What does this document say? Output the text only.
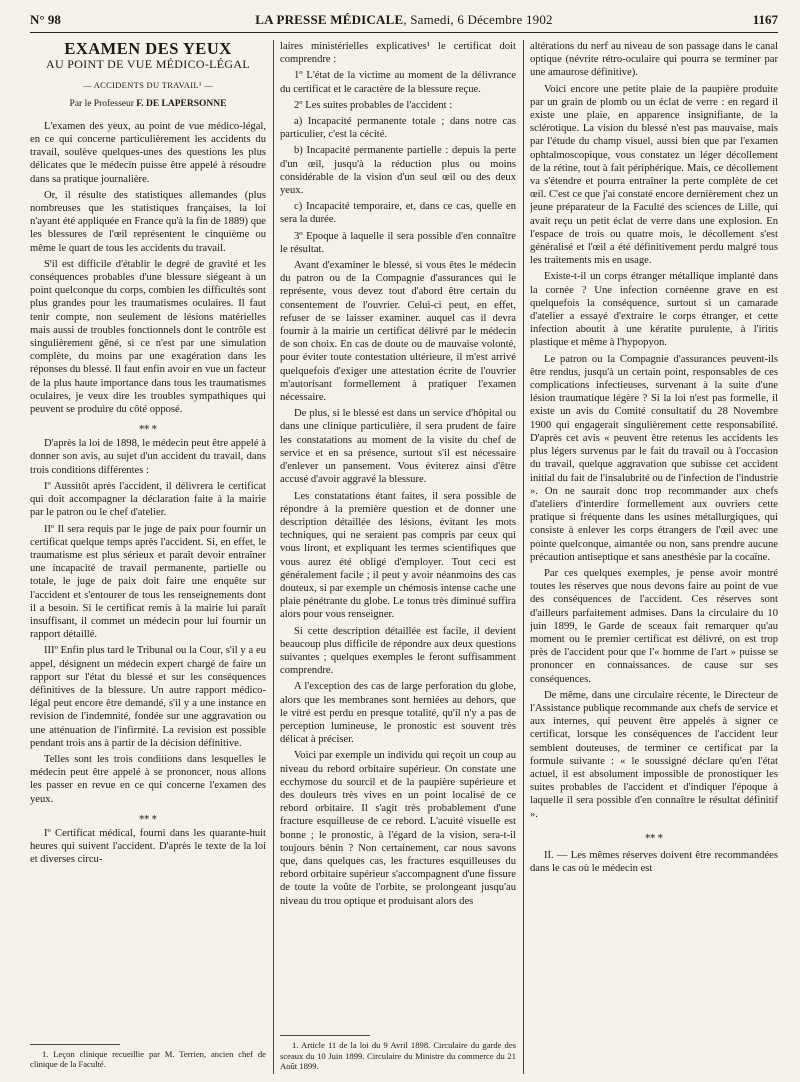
N° 98	LA PRESSE MÉDICALE, Samedi, 6 Décembre 1902	1167
EXAMEN DES YEUX
AU POINT DE VUE MÉDICO-LÉGAL
— ACCIDENTS DU TRAVAIL¹ —
Par le Professeur F. DE LAPERSONNE

L'examen des yeux, au point de vue médico-légal, en ce qui concerne particulièrement les accidents du travail, soulève quelques-unes des questions les plus délicates que le médecin puisse être appelé à résoudre dans sa pratique journalière.

Or, il résulte des statistiques allemandes (plus nombreuses que les statistiques françaises, la loi n'ayant été appliquée en France qu'à la fin de 1889) que les blessures de l'œil représentent le cinquième ou même le quart de tous les accidents du travail.

S'il est difficile d'établir le degré de gravité et les conséquences probables d'une blessure siégeant à un point quelconque du corps, combien les difficultés sont plus grandes pour les traumatismes oculaires. Il faut tenir compte, non seulement de lésions matérielles mais aussi de troubles fonctionnels dont le contrôle est singulièrement gêné, si ce n'est par une simulation complète, du moins par une exagération dans les réponses du blessé. Il faut enfin avoir en vue un facteur de la plus haute importance dans tous les traumatismes oculaires, je veux dire les troubles sympathiques qui peuvent se produire du côté opposé.

⁎⁎ ⁎

D'après la loi de 1898, le médecin peut être appelé à donner son avis, au sujet d'un accident du travail, dans trois conditions différentes :

Iº Aussitôt après l'accident, il délivrera le certificat qui doit accompagner la déclaration faite à la mairie par le patron ou le chef d'atelier.

IIº Il sera requis par le juge de paix pour fournir un certificat quelque temps après l'accident. Si, en effet, le traumatisme est plus sérieux et paraît devoir entraîner une incapacité de travail permanente, partielle ou totale, le juge de paix doit faire une enquête sur l'accident et s'entourer de tous les renseignements dont il a besoin. Si le certificat remis à la mairie lui paraît insuffisant, il commet un médecin pour lui fournir un rapport détaillé.

IIIº Enfin plus tard le Tribunal ou la Cour, s'il y a eu appel, désignent un médecin expert chargé de faire un rapport sur l'état du blessé et sur les conséquences définitives de la blessure. Un autre rapport médico-légal peut encore être demandé, s'il y a une instance en revision de l'indemnité, fondée sur une aggravation ou une atténuation de l'infirmité. La revision est possible pendant trois ans à partir de la décision définitive.

Telles sont les trois conditions dans lesquelles le médecin peut être appelé à se prononcer, nous allons les passer en revue en ce qui concerne l'examen des yeux.

⁎⁎ ⁎

Iº Certificat médical, fourni dans les quarante-huit heures qui suivent l'accident. D'après le texte de la loi et diverses circu-

1. Leçon clinique recueillie par M. Terrien, ancien chef de clinique de la Faculté.

laires ministérielles explicatives¹ le certificat doit comprendre :

1º L'état de la victime au moment de la délivrance du certificat et le caractère de la blessure reçue.

2º Les suites probables de l'accident :

a) Incapacité permanente totale ; dans notre cas particulier, c'est la cécité.

b) Incapacité permanente partielle : depuis la perte d'un œil, jusqu'à la réduction plus ou moins considérable de la vision d'un seul œil ou des deux yeux.

c) Incapacité temporaire, et, dans ce cas, quelle en sera la durée.

3º Epoque à laquelle il sera possible d'en connaître le résultat.

Avant d'examiner le blessé, si vous êtes le médecin du patron ou de la Compagnie d'assurances qui le représente, vous devez tout d'abord être certain du consentement de l'ouvrier. Celui-ci peut, en effet, refuser de se laisser examiner. auquel cas il devra fournir à la mairie un certificat délivré par le médecin de son choix. En cas de doute ou de mauvaise volonté, pour éviter toute contestation ultérieure, il m'est arrivé quelquefois d'exiger une attestation écrite de l'ouvrier m'autorisant formellement à pratiquer l'examen nécessaire.

De plus, si le blessé est dans un service d'hôpital ou dans une clinique particulière, il sera prudent de faire les constatations au moment de la visite du chef de service et en sa présence, surtout s'il est nécessaire d'enlever un pansement. Vous éviterez ainsi d'être accusé d'avoir aggravé la blessure.

Les constatations étant faites, il sera possible de répondre à la première question et de donner une description détaillée des lésions, évitant les mots techniques, qui ne seraient pas compris par ceux qui vous liront, et expliquant les termes scientifiques que vous aurez été obligé d'employer. Tout ceci est généralement facile ; il peut y avoir néanmoins des cas douteux, si par exemple un chémosis intense cache une plaie pénétrante du globe. Le tonus très diminué suffira alors pour vous renseigner.

Si cette description détaillée est facile, il devient beaucoup plus difficile de répondre aux deux questions suivantes ; quelques exemples le feront suffisamment comprendre.

A l'exception des cas de large perforation du globe, alors que les membranes sont herniées au dehors, que le vitré est perdu en presque totalité, qu'il n'y a pas de perception lumineuse, le pronostic est souvent très délicat à préciser.

Voici par exemple un individu qui reçoit un coup au niveau du rebord orbitaire supérieur. On constate une ecchymose du sourcil et de la paupière supérieure et des douleurs très vives en un point localisé de ce rebord orbitaire. Il s'agit très probablement d'une fracture esquilleuse de ce rebord. L'acuité visuelle est bonne ; le pronostic, à l'égard de la vision, sera-t-il toujours bénin ? Non certainement, car nous savons que, dans quelques cas, les fractures esquilleuses du rebord orbitaire supérieur s'accompagnent d'une fissure de toute la voûte de l'orbite, se prolongeant jusqu'au niveau du trou optique et produisant alors des

1. Article 11 de la loi du 9 Avril 1898. Circulaire du garde des sceaux du 10 Juin 1899. Circulaire du Ministre du commerce du 21 Août 1899.

altérations du nerf au niveau de son passage dans le canal optique (névrite rétro-oculaire qui pourra se terminer par une amaurose définitive).

Voici encore une petite plaie de la paupière produite par un grain de plomb ou un éclat de verre : en regard il existe une plaie, en apparence insignifiante, de la sclérotique. La vision du blessé n'est pas mauvaise, mais par l'étude du champ visuel, aussi bien que par l'examen ophtalmoscopique, vous constatez un léger décollement de la rétine, tout à fait périphérique. Mais, ce décollement va s'étendre et pourra entraîner la perte complète de cet œil. C'est ce que j'ai constaté encore dernièrement chez un jeune préparateur de la Faculté des sciences de Lille, qui avait reçu un petit éclat de verre dans une explosion. En l'espace de trois ou quatre mois, le décollement s'est généralisé et l'œil a été définitivement perdu malgré tous les traitements mis en usage.

Existe-t-il un corps étranger métallique implanté dans la cornée ? Une infection cornéenne grave en est quelquefois la conséquence, surtout si un camarade d'atelier a essayé d'extraire le corps étranger, et cette infection aboutit à une kératite purulente, à l'iritis plastique et même à l'hypopyon.

Le patron ou la Compagnie d'assurances peuvent-ils être rendus, jusqu'à un certain point, responsables de ces complications infectieuses, survenant à la suite d'une lésion traumatique légère ? Si la loi n'est pas formelle, il existe un avis du Comité consultatif du 28 Novembre 1900 qui engagerait singulièrement cette responsabilité. D'après cet avis « peuvent être retenus les accidents les plus légers survenus par le fait du travail ou à l'occasion du travail, quelque aggravation que subisse cet accident initial du fait de l'insalubrité ou de l'infection de l'industrie ». On ne saurait donc trop recommander aux chefs d'ateliers d'interdire formellement aux ouvriers cette pratique si fréquente dans les usines métallurgiques, qui consiste à enlever les corps étrangers de l'œil avec une pointe quelconque, aimantée ou non, sans prendre aucune précaution antiseptique et sans anesthésie par la cocaïne.

Par ces quelques exemples, je pense avoir montré toutes les réserves que nous devons faire au point de vue des conséquences de l'accident. Ces réserves sont d'ailleurs parfaitement admises. Dans la circulaire du 10 juin 1899, le Garde de sceaux fait remarquer qu'au moment ou le premier certificat est délivré, on est trop près de l'accident pour que l'« homme de l'art » puisse se prononcer en connaissances. de cause sur ses conséquences.

De même, dans une circulaire récente, le Directeur de l'Assistance publique recommande aux chefs de service et aux internes, qui peuvent être appelés à signer ce certificat, lorsque les conséquences de l'accident leur semblent douteuses, de terminer ce certificat par la formule suivante : « le soussigné déclare qu'en l'état actuel, il est absolument impossible de pronostiquer les suites probables de l'accident et d'indiquer l'époque à laquelle il sera possible d'en connaître le résultat définitif ».

⁎⁎ ⁎

II. — Les mêmes réserves doivent être recommandées dans le cas où le médecin est
